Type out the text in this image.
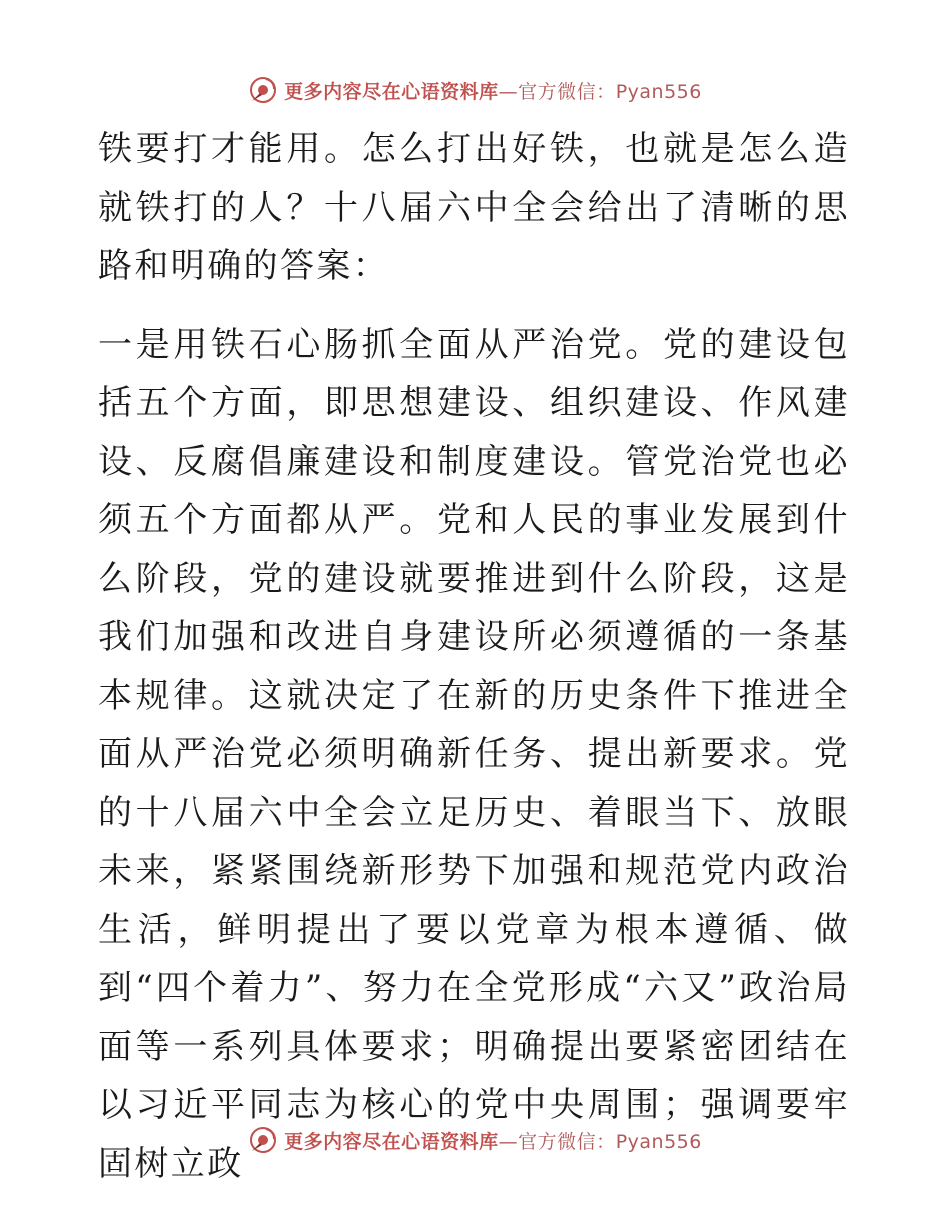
更多内容尽在心语资料库—官方微信：Pyan556

铁要打才能用。怎么打出好铁，也就是怎么造就铁打的人？十八届六中全会给出了清晰的思路和明确的答案：

一是用铁石心肠抓全面从严治党。党的建设包括五个方面，即思想建设、组织建设、作风建设、反腐倡廉建设和制度建设。管党治党也必须五个方面都从严。党和人民的事业发展到什么阶段，党的建设就要推进到什么阶段，这是我们加强和改进自身建设所必须遵循的一条基本规律。这就决定了在新的历史条件下推进全面从严治党必须明确新任务、提出新要求。党的十八届六中全会立足历史、着眼当下、放眼未来，紧紧围绕新形势下加强和规范党内政治生活，鲜明提出了要以党章为根本遵循、做到“四个着力”、努力在全党形成“六又”政治局面等一系列具体要求；明确提出要紧密团结在以习近平同志为核心的党中央周围；强调要牢固树立政

更多内容尽在心语资料库—官方微信：Pyan556
